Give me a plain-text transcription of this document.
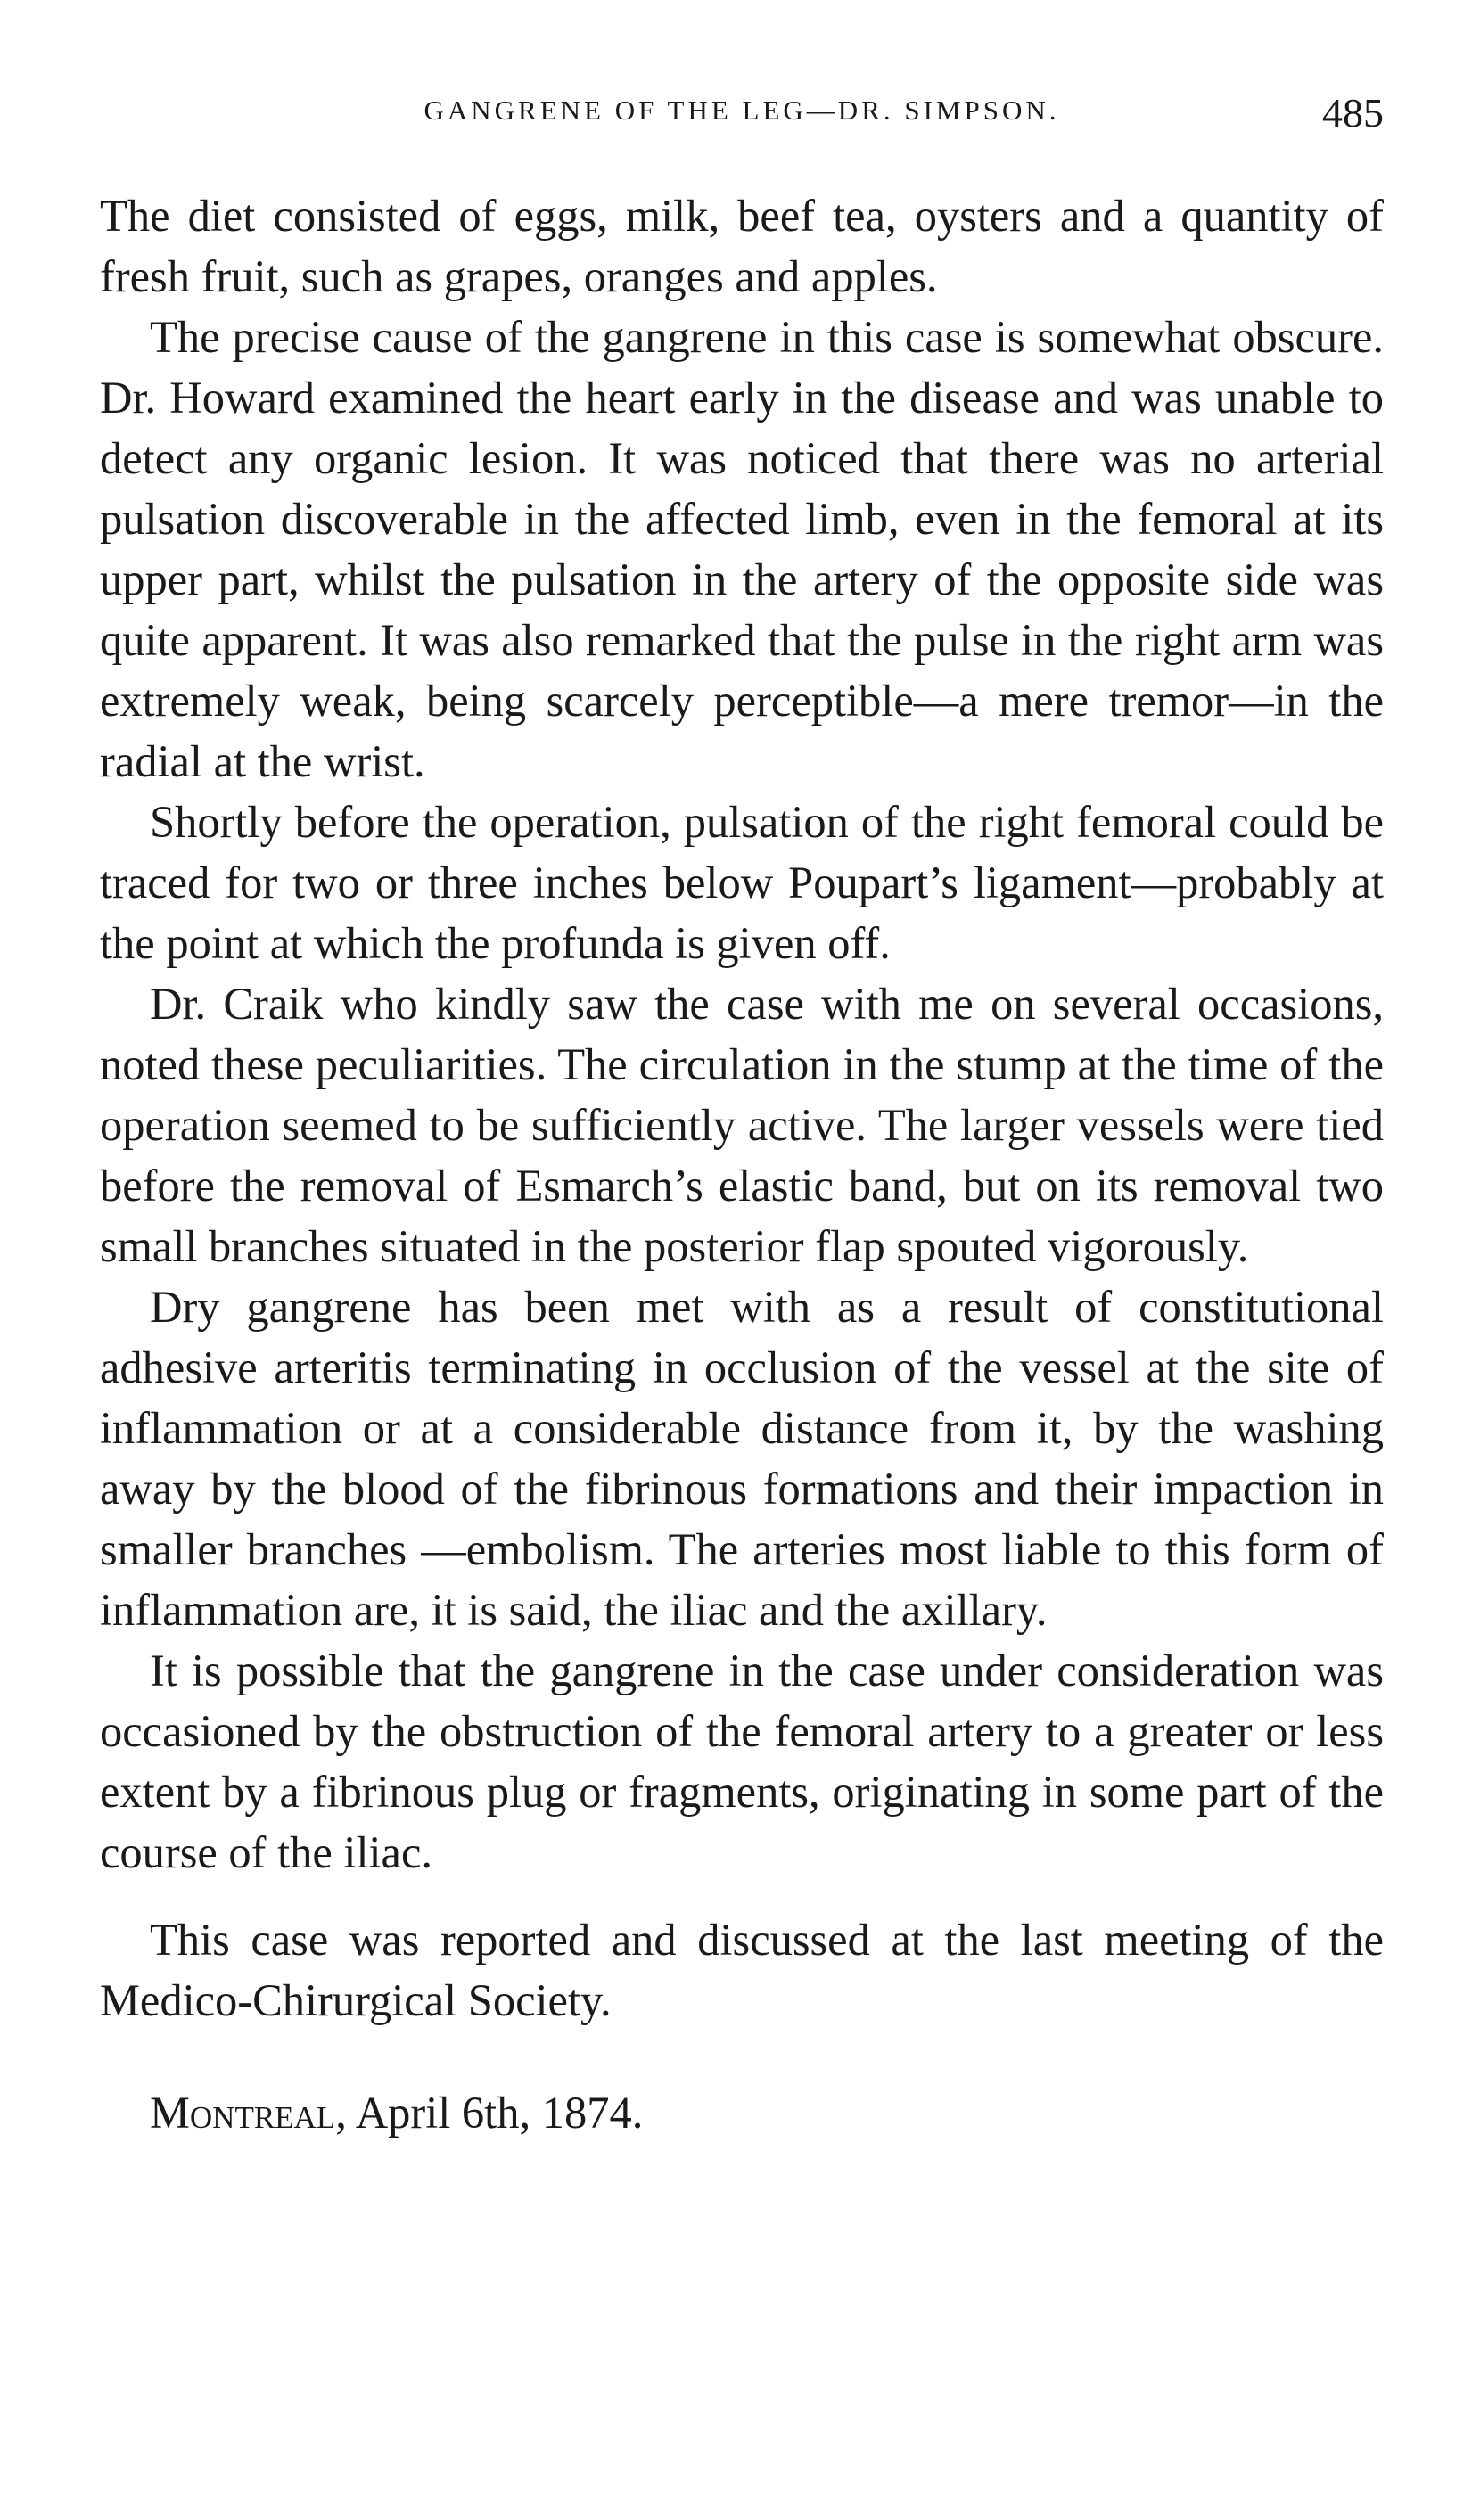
GANGRENE OF THE LEG—DR. SIMPSON.	485

The diet consisted of eggs, milk, beef tea, oysters and a quantity of fresh fruit, such as grapes, oranges and apples.

The precise cause of the gangrene in this case is somewhat obscure. Dr. Howard examined the heart early in the disease and was unable to detect any organic lesion. It was noticed that there was no arterial pulsation discoverable in the affected limb, even in the femoral at its upper part, whilst the pulsation in the artery of the opposite side was quite apparent. It was also remarked that the pulse in the right arm was extremely weak, being scarcely perceptible—a mere tremor—in the radial at the wrist.

Shortly before the operation, pulsation of the right femoral could be traced for two or three inches below Poupart’s ligament—probably at the point at which the profunda is given off.

Dr. Craik who kindly saw the case with me on several occasions, noted these peculiarities. The circulation in the stump at the time of the operation seemed to be sufficiently active. The larger vessels were tied before the removal of Esmarch’s elastic band, but on its removal two small branches situated in the posterior flap spouted vigorously.

Dry gangrene has been met with as a result of constitutional adhesive arteritis terminating in occlusion of the vessel at the site of inflammation or at a considerable distance from it, by the washing away by the blood of the fibrinous formations and their impaction in smaller branches —embolism. The arteries most liable to this form of inflammation are, it is said, the iliac and the axillary.

It is possible that the gangrene in the case under consideration was occasioned by the obstruction of the femoral artery to a greater or less extent by a fibrinous plug or fragments, originating in some part of the course of the iliac.

This case was reported and discussed at the last meeting of the Medico-Chirurgical Society.

Montreal, April 6th, 1874.
